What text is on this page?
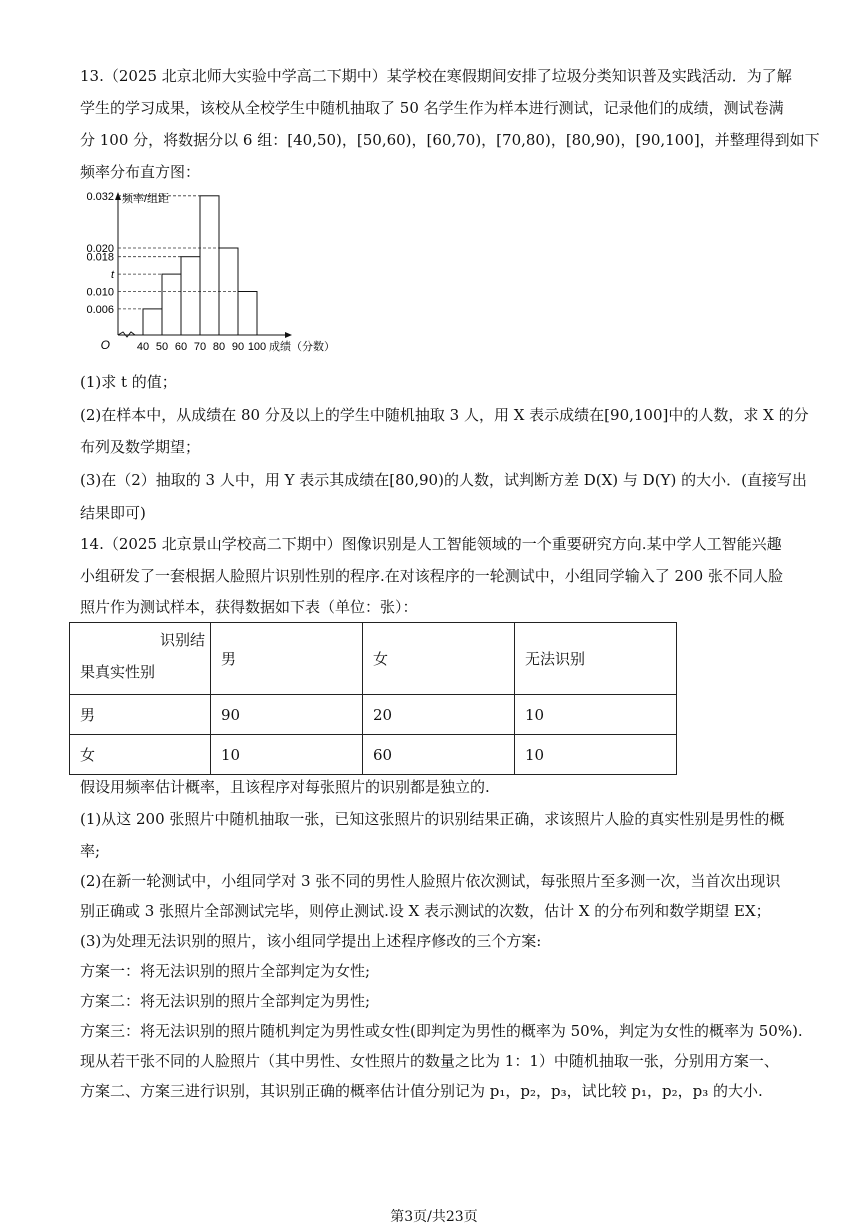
13.（2025 北京北师大实验中学高二下期中）某学校在寒假期间安排了垃圾分类知识普及实践活动．为了解
学生的学习成果，该校从全校学生中随机抽取了 50 名学生作为样本进行测试，记录他们的成绩，测试卷满
分 100 分，将数据分以 6 组：[40,50)，[50,60)，[60,70)，[70,80)，[80,90)，[90,100]，并整理得到如下
频率分布直方图：
0.032
0.020
0.018
t
0.010
0.006
40 50 60 70 80 90 100 成绩（分数）
频率/组距
O
(1)求 t 的值；
(2)在样本中，从成绩在 80 分及以上的学生中随机抽取 3 人，用 X 表示成绩在[90,100]中的人数，求 X 的分
布列及数学期望；
(3)在（2）抽取的 3 人中，用 Y 表示其成绩在[80,90)的人数，试判断方差 D(X) 与 D(Y) 的大小．(直接写出
结果即可)
14.（2025 北京景山学校高二下期中）图像识别是人工智能领域的一个重要研究方向.某中学人工智能兴趣
小组研发了一套根据人脸照片识别性别的程序.在对该程序的一轮测试中，小组同学输入了 200 张不同人脸
照片作为测试样本，获得数据如下表（单位：张）：
识别结
果真实性别	男	女	无法识别
男	90	20	10
女	10	60	10
假设用频率估计概率，且该程序对每张照片的识别都是独立的.
(1)从这 200 张照片中随机抽取一张，已知这张照片的识别结果正确，求该照片人脸的真实性别是男性的概
率;
(2)在新一轮测试中，小组同学对 3 张不同的男性人脸照片依次测试，每张照片至多测一次，当首次出现识
别正确或 3 张照片全部测试完毕，则停止测试.设 X 表示测试的次数，估计 X 的分布列和数学期望 EX；
(3)为处理无法识别的照片，该小组同学提出上述程序修改的三个方案:
方案一：将无法识别的照片全部判定为女性;
方案二：将无法识别的照片全部判定为男性;
方案三：将无法识别的照片随机判定为男性或女性(即判定为男性的概率为 50%，判定为女性的概率为 50%).
现从若干张不同的人脸照片（其中男性、女性照片的数量之比为 1：1）中随机抽取一张，分别用方案一、
方案二、方案三进行识别，其识别正确的概率估计值分别记为 p₁，p₂，p₃，试比较 p₁，p₂，p₃ 的大小.
第3页/共23页
